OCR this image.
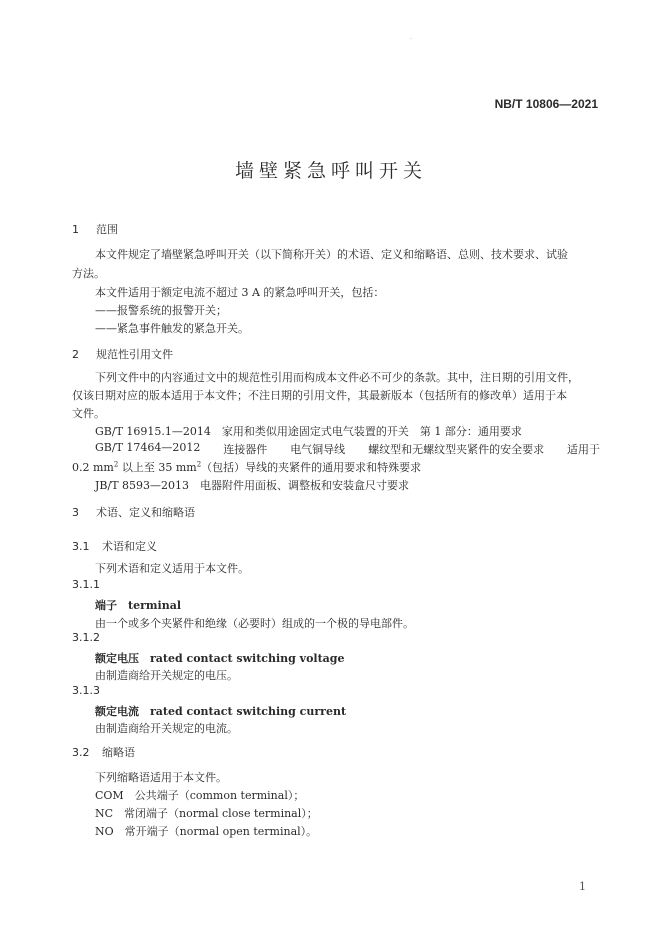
·
NB/T 10806—2021
墙壁紧急呼叫开关
1 范围
本文件规定了墙壁紧急呼叫开关（以下简称开关）的术语、定义和缩略语、总则、技术要求、试验
方法。
本文件适用于额定电流不超过 3 A 的紧急呼叫开关，包括：
——报警系统的报警开关；
——紧急事件触发的紧急开关。
2 规范性引用文件
下列文件中的内容通过文中的规范性引用而构成本文件必不可少的条款。其中，注日期的引用文件，
仅该日期对应的版本适用于本文件；不注日期的引用文件，其最新版本（包括所有的修改单）适用于本
文件。
GB/T 16915.1—2014　家用和类似用途固定式电气装置的开关　第 1 部分：通用要求
GB/T 17464—2012 连接器件 电气铜导线 螺纹型和无螺纹型夹紧件的安全要求 适用于
0.2 $mm^2$ 以上至 35 $mm^2$（包括）导线的夹紧件的通用要求和特殊要求
JB/T 8593—2013　电器附件用面板、调整板和安装盒尺寸要求
3 术语、定义和缩略语
3.1 术语和定义
下列术语和定义适用于本文件。
3.1.1
端子　 terminal
由一个或多个夹紧件和绝缘（必要时）组成的一个极的导电部件。
3.1.2
额定电压　 rated contact switching voltage
由制造商给开关规定的电压。
3.1.3
额定电流　 rated contact switching current
由制造商给开关规定的电流。
3.2 缩略语
下列缩略语适用于本文件。
COM　公共端子（common terminal）；
NC　常闭端子（normal close terminal）；
NO　常开端子（normal open terminal）。
1
